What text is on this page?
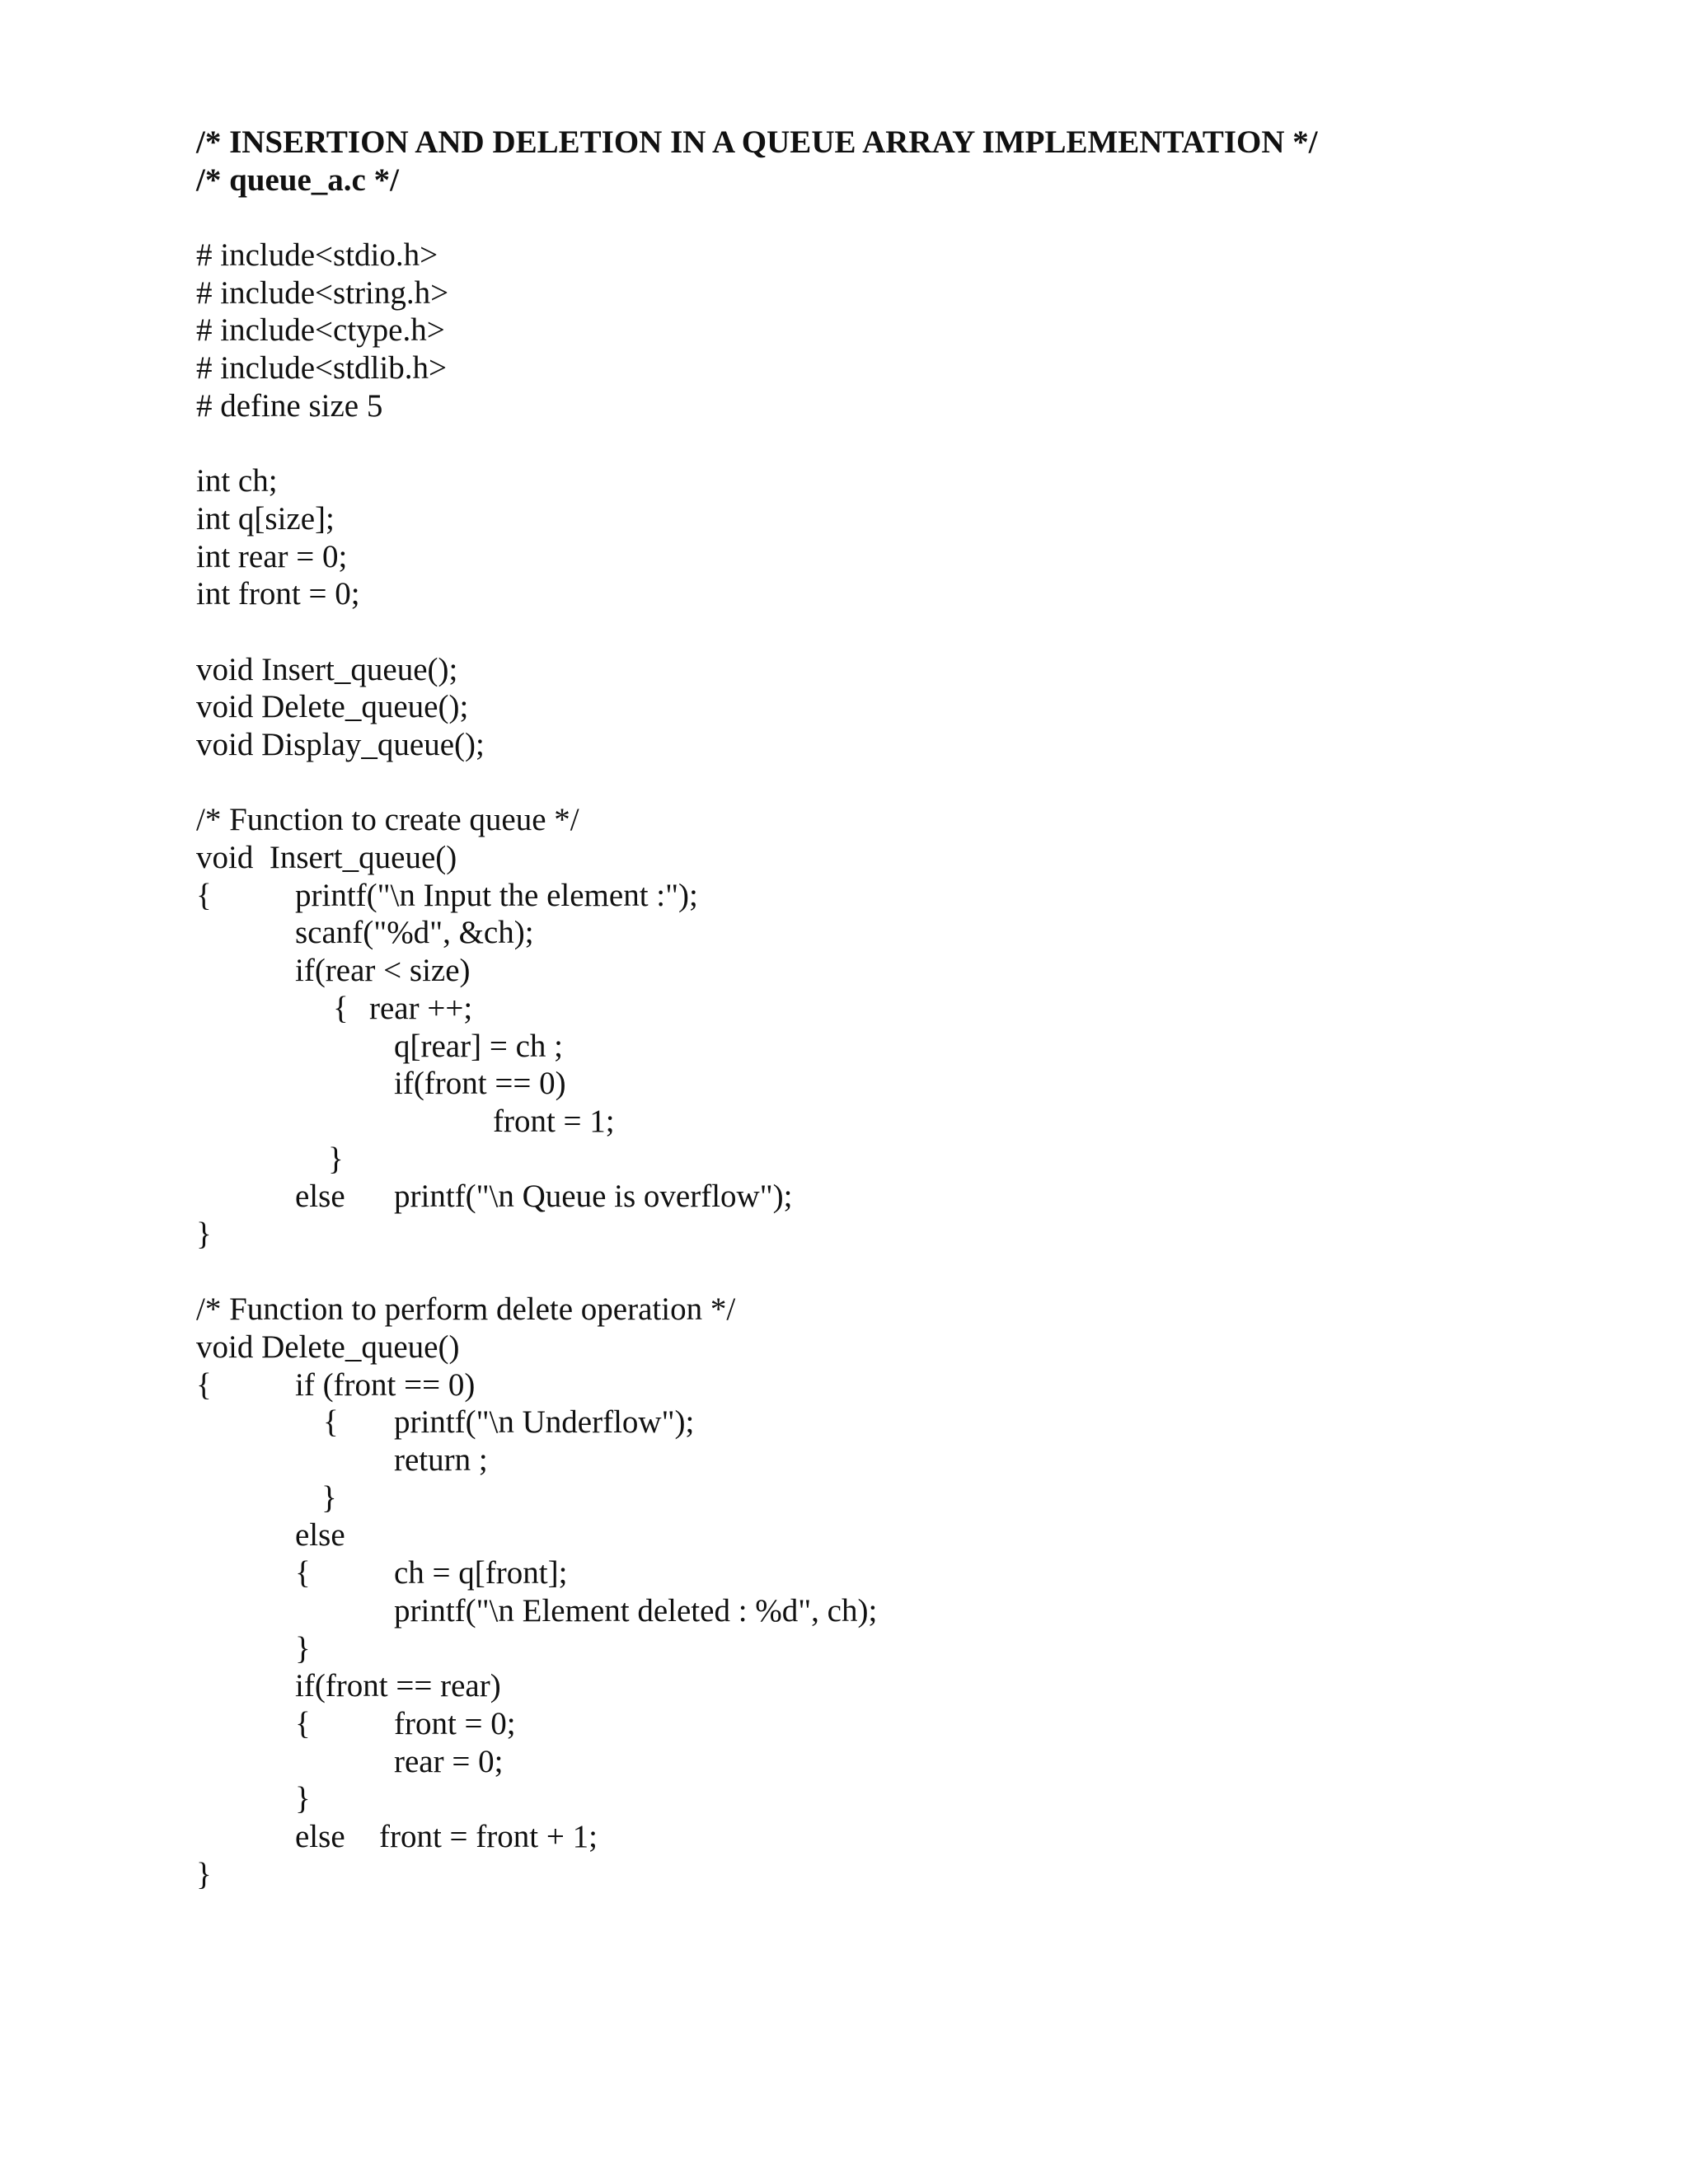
/* INSERTION AND DELETION IN A QUEUE ARRAY IMPLEMENTATION */
/* queue_a.c */
# include<stdio.h>
# include<string.h>
# include<ctype.h>
# include<stdlib.h>
# define size 5
int ch;
int q[size];
int rear = 0;
int front = 0;
void Insert_queue();
void Delete_queue();
void Display_queue();
/* Function to create queue */
void  Insert_queue()
{	printf("\n Input the element :");
scanf("%d", &ch);
if(rear < size)
{ rear ++;
q[rear] = ch ;
if(front == 0)
front = 1;
}
else printf("\n Queue is overflow");
}
/* Function to perform delete operation */
void Delete_queue()
{	if (front == 0)
{ printf("\n Underflow");
return ;
}
else
{	ch = q[front];
printf("\n Element deleted : %d", ch);
}
if(front == rear)
{	front = 0;
rear = 0;
}
else front = front + 1;
}
